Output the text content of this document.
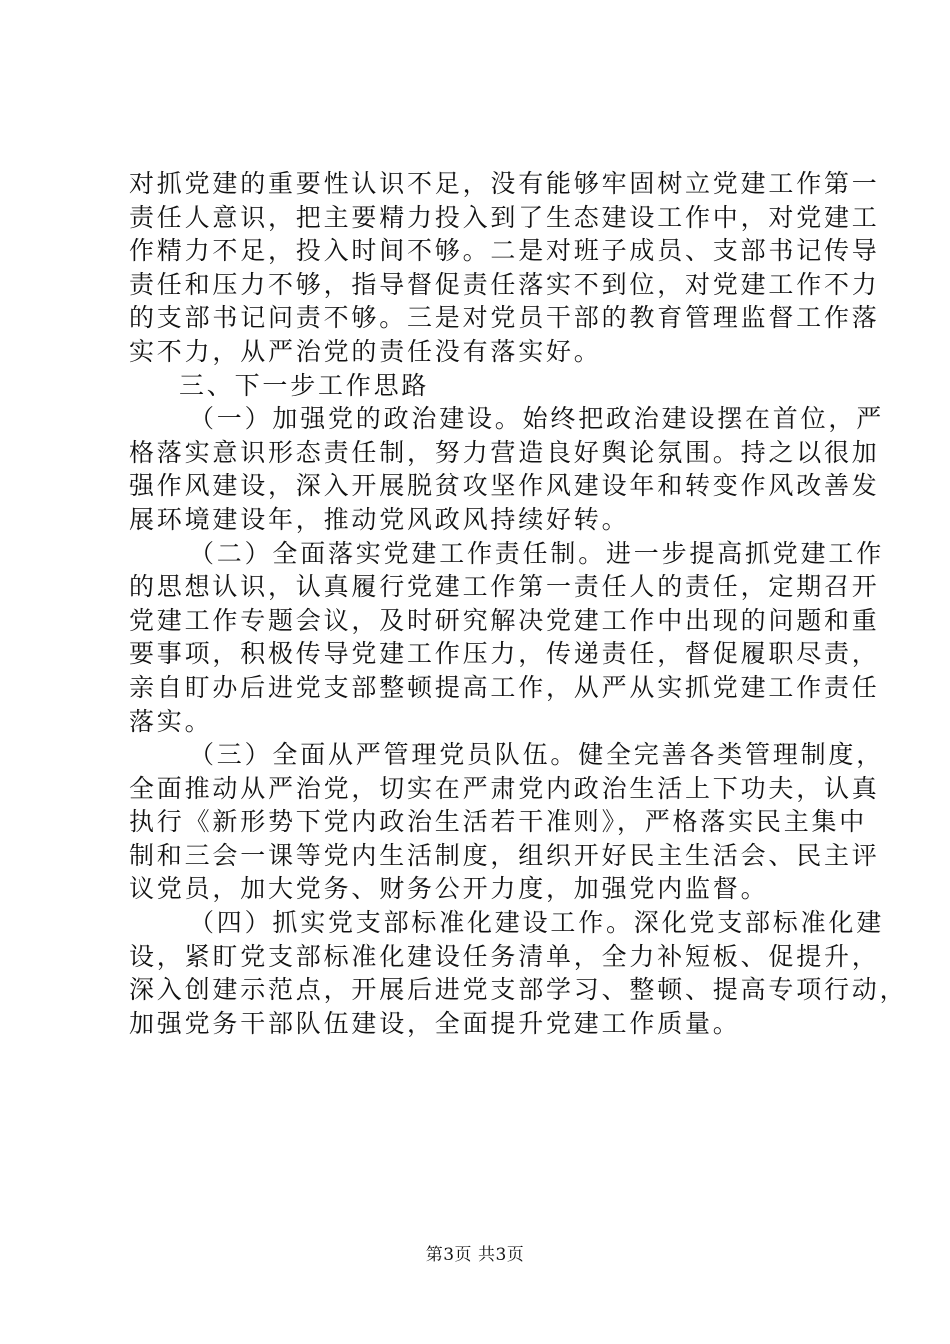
对抓党建的重要性认识不足，没有能够牢固树立党建工作第一
责任人意识，把主要精力投入到了生态建设工作中，对党建工
作精力不足，投入时间不够。二是对班子成员、支部书记传导
责任和压力不够，指导督促责任落实不到位，对党建工作不力
的支部书记问责不够。三是对党员干部的教育管理监督工作落
实不力，从严治党的责任没有落实好。
三、下一步工作思路
（一）加强党的政治建设。始终把政治建设摆在首位，严
格落实意识形态责任制，努力营造良好舆论氛围。持之以很加
强作风建设，深入开展脱贫攻坚作风建设年和转变作风改善发
展环境建设年，推动党风政风持续好转。
（二）全面落实党建工作责任制。进一步提高抓党建工作
的思想认识，认真履行党建工作第一责任人的责任，定期召开
党建工作专题会议，及时研究解决党建工作中出现的问题和重
要事项，积极传导党建工作压力，传递责任，督促履职尽责，
亲自盯办后进党支部整顿提高工作，从严从实抓党建工作责任
落实。
（三）全面从严管理党员队伍。健全完善各类管理制度，
全面推动从严治党，切实在严肃党内政治生活上下功夫，认真
执行《新形势下党内政治生活若干准则》，严格落实民主集中
制和三会一课等党内生活制度，组织开好民主生活会、民主评
议党员，加大党务、财务公开力度，加强党内监督。
（四）抓实党支部标准化建设工作。深化党支部标准化建
设，紧盯党支部标准化建设任务清单，全力补短板、促提升，
深入创建示范点，开展后进党支部学习、整顿、提高专项行动，
加强党务干部队伍建设，全面提升党建工作质量。
第3页 共3页
